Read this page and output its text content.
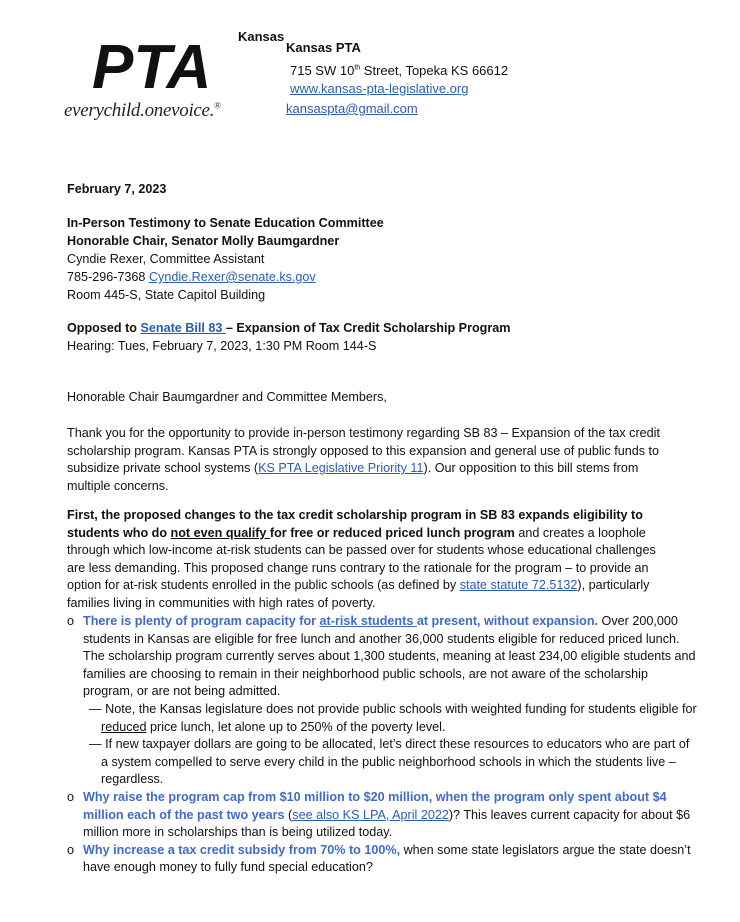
PTA
everychild.onevoice.®
Kansas
Kansas PTA
715 SW 10th Street, Topeka KS 66612
www.kansas-pta-legislative.org
kansaspta@gmail.com
February 7, 2023
In-Person Testimony to Senate Education Committee
Honorable Chair, Senator Molly Baumgardner
Cyndie Rexer, Committee Assistant
785-296-7368 Cyndie.Rexer@senate.ks.gov
Room 445-S, State Capitol Building
Opposed to Senate Bill 83 – Expansion of Tax Credit Scholarship Program
Hearing: Tues, February 7, 2023, 1:30 PM Room 144-S
Honorable Chair Baumgardner and Committee Members,

Thank you for the opportunity to provide in-person testimony regarding SB 83 – Expansion of the tax credit scholarship program. Kansas PTA is strongly opposed to this expansion and general use of public funds to subsidize private school systems (KS PTA Legislative Priority 11). Our opposition to this bill stems from multiple concerns.

First, the proposed changes to the tax credit scholarship program in SB 83 expands eligibility to students who do not even qualify for free or reduced priced lunch program and creates a loophole through which low-income at-risk students can be passed over for students whose educational challenges are less demanding. This proposed change runs contrary to the rationale for the program – to provide an option for at-risk students enrolled in the public schools (as defined by state statute 72.5132), particularly families living in communities with high rates of poverty.

o There is plenty of program capacity for at-risk students at present, without expansion. Over 200,000 students in Kansas are eligible for free lunch and another 36,000 students eligible for reduced priced lunch. The scholarship program currently serves about 1,300 students, meaning at least 234,00 eligible students and families are choosing to remain in their neighborhood public schools, are not aware of the scholarship program, or are not being admitted.
— Note, the Kansas legislature does not provide public schools with weighted funding for students eligible for reduced price lunch, let alone up to 250% of the poverty level.
— If new taxpayer dollars are going to be allocated, let’s direct these resources to educators who are part of a system compelled to serve every child in the public neighborhood schools in which the students live – regardless.
o Why raise the program cap from $10 million to $20 million, when the program only spent about $4 million each of the past two years (see also KS LPA, April 2022)? This leaves current capacity for about $6 million more in scholarships than is being utilized today.
o Why increase a tax credit subsidy from 70% to 100%, when some state legislators argue the state doesn’t have enough money to fully fund special education?
